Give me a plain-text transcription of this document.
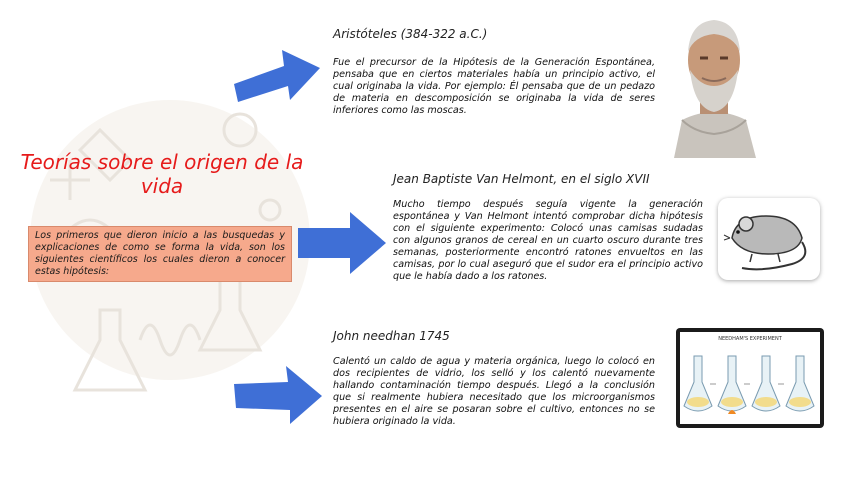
Teorías sobre el origen de la vida
Los primeros que dieron inicio a las busquedas y explicaciones de como se forma la vida, son los siguientes científicos los cuales dieron a conocer estas hipótesis:
Aristóteles (384-322 a.C.)
Fue el precursor de la Hipótesis de la Generación Espontánea, pensaba que en ciertos materiales había un principio activo, el cual originaba la vida. Por ejemplo: Él pensaba que de un pedazo de materia en descomposición se originaba la vida de seres inferiores como las moscas.
Jean Baptiste Van Helmont, en el siglo XVII
Mucho tiempo después seguía vigente la generación espontánea y Van Helmont intentó comprobar dicha hipótesis con el siguiente experimento: Colocó unas camisas sudadas con algunos granos de cereal en un cuarto oscuro durante tres semanas, posteriormente encontró ratones envueltos en las camisas, por lo cual aseguró que el sudor era el principio activo que le había dado a los ratones.
John needhan 1745
Calentó un caldo de agua y materia orgánica, luego lo colocó en dos recipientes de vidrio, los selló y los calentó nuevamente hallando contaminación tiempo después. Llegó a la conclusión que si realmente hubiera necesitado que los microorganismos presentes en el aire se posaran sobre el cultivo, entonces no se hubiera originado la vida.
NEEDHAM'S EXPERIMENT
